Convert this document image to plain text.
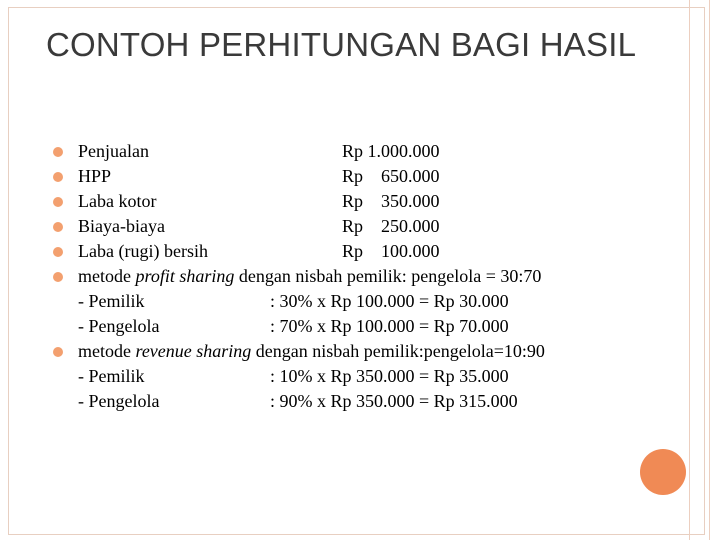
CONTOH PERHITUNGAN BAGI HASIL
Penjualan	Rp 1.000.000
HPP	Rp    650.000
Laba kotor	Rp    350.000
Biaya-biaya	Rp    250.000
Laba (rugi) bersih	Rp    100.000
metode profit sharing dengan nisbah pemilik: pengelola = 30:70
- Pemilik	: 30% x Rp 100.000 = Rp 30.000
- Pengelola	: 70% x Rp 100.000 = Rp 70.000
metode revenue sharing dengan nisbah pemilik:pengelola=10:90
- Pemilik	: 10% x Rp 350.000 = Rp 35.000
- Pengelola	: 90% x Rp 350.000 = Rp 315.000
